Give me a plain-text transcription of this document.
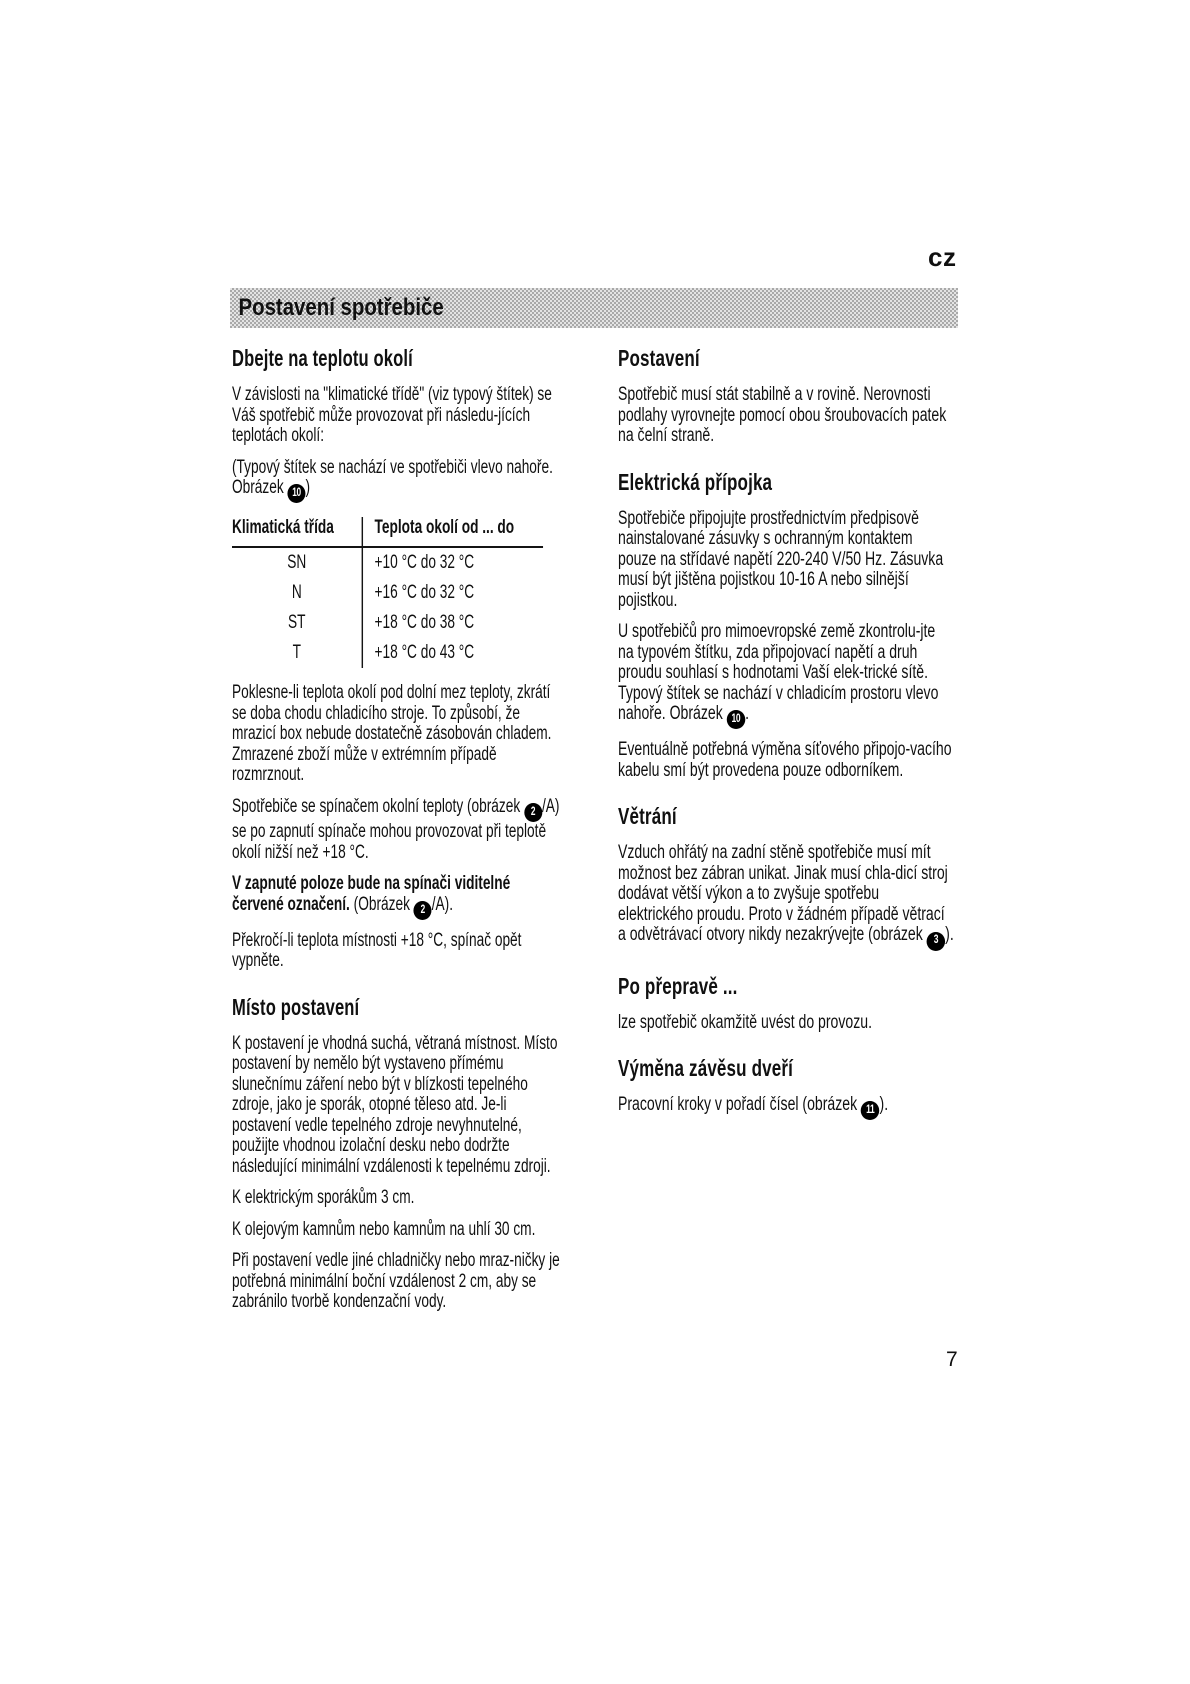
cz
Postavení spotřebiče
Dbejte na teplotu okolí

V závislosti na "klimatické třídě" (viz typový štítek) se Váš spotřebič může provozovat při následu-jících teplotách okolí:

(Typový štítek se nachází ve spotřebiči vlevo nahoře. Obrázek 10 )

Klimatická třída	Teplota okolí od ... do
SN	+10 °C do 32 °C
N	+16 °C do 32 °C
ST	+18 °C do 38 °C
T	+18 °C do 43 °C

Poklesne-li teplota okolí pod dolní mez teploty, zkrátí se doba chodu chladicího stroje. To způsobí, že mrazicí box nebude dostatečně zásobován chladem. Zmrazené zboží může v extrémním případě rozmrznout.

Spotřebiče se spínačem okolní teploty (obrázek 2 /A) se po zapnutí spínače mohou provozovat při teplotě okolí nižší než +18 °C.

V zapnuté poloze bude na spínači viditelné červené označení. (Obrázek 2 /A).

Překročí-li teplota místnosti +18 °C, spínač opět vypněte.

Místo postavení

K postavení je vhodná suchá, větraná místnost. Místo postavení by nemělo být vystaveno přímému slunečnímu záření nebo být v blízkosti tepelného zdroje, jako je sporák, otopné těleso atd. Je-li postavení vedle tepelného zdroje nevyhnutelné, použijte vhodnou izolační desku nebo dodržte následující minimální vzdálenosti k tepelnému zdroji.

K elektrickým sporákům 3 cm.

K olejovým kamnům nebo kamnům na uhlí 30 cm.

Při postavení vedle jiné chladničky nebo mraz-ničky je potřebná minimální boční vzdálenost 2 cm, aby se zabránilo tvorbě kondenzační vody.

Postavení

Spotřebič musí stát stabilně a v rovině. Nerovnosti podlahy vyrovnejte pomocí obou šroubovacích patek na čelní straně.

Elektrická přípojka

Spotřebiče připojujte prostřednictvím předpisově nainstalované zásuvky s ochranným kontaktem pouze na střídavé napětí 220-240 V/50 Hz. Zásuvka musí být jištěna pojistkou 10-16 A nebo silnější pojistkou.

U spotřebičů pro mimoevropské země zkontrolu-jte na typovém štítku, zda připojovací napětí a druh proudu souhlasí s hodnotami Vaší elek-trické sítě. Typový štítek se nachází v chladicím prostoru vlevo nahoře. Obrázek 10 .

Eventuálně potřebná výměna síťového připojo-vacího kabelu smí být provedena pouze odborníkem.

Větrání

Vzduch ohřátý na zadní stěně spotřebiče musí mít možnost bez zábran unikat. Jinak musí chla-dicí stroj dodávat větší výkon a to zvyšuje spotřebu elektrického proudu. Proto v žádném případě větrací a odvětrávací otvory nikdy nezakrývejte (obrázek 3 ).

Po přepravě ...

lze spotřebič okamžitě uvést do provozu.

Výměna závěsu dveří

Pracovní kroky v pořadí čísel (obrázek 11 ).

7
